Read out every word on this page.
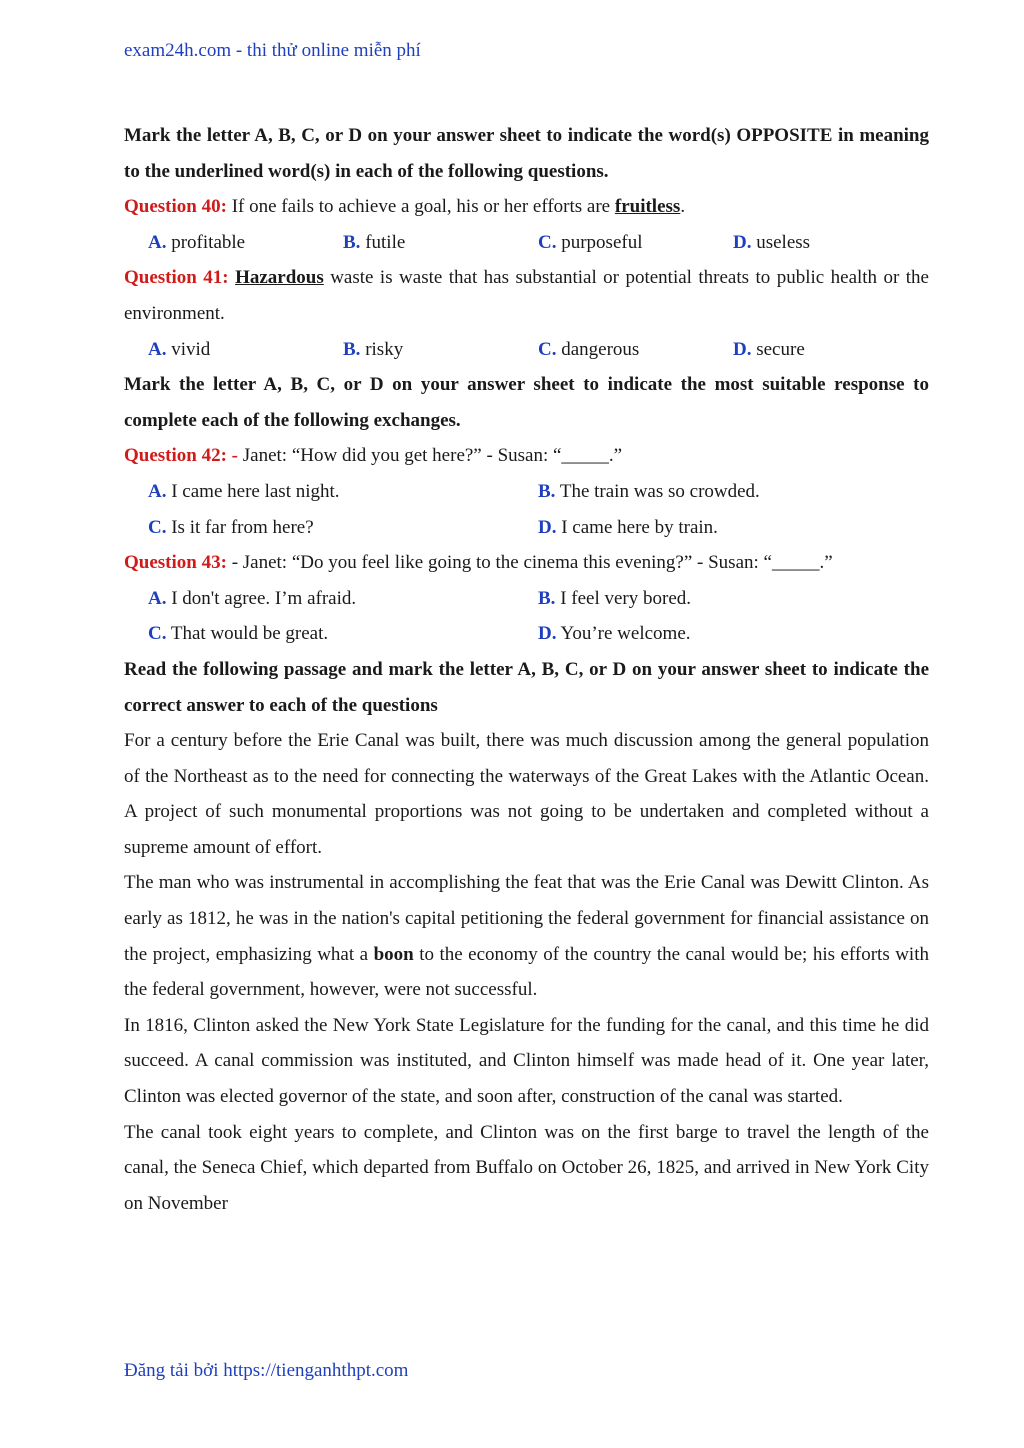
exam24h.com - thi thử online miễn phí

Mark the letter A, B, C, or D on your answer sheet to indicate the word(s) OPPOSITE in meaning to the underlined word(s) in each of the following questions.

Question 40: If one fails to achieve a goal, his or her efforts are fruitless.

A. profitable	B. futile	C. purposeful	D. useless

Question 41: Hazardous waste is waste that has substantial or potential threats to public health or the environment.

A. vivid	B. risky	C. dangerous	D. secure

Mark the letter A, B, C, or D on your answer sheet to indicate the most suitable response to complete each of the following exchanges.

Question 42: - Janet: “How did you get here?” - Susan: “_____.”

A. I came here last night.	B. The train was so crowded.
C. Is it far from here?	D. I came here by train.

Question 43: - Janet: “Do you feel like going to the cinema this evening?” - Susan: “_____.”

A. I don't agree. I’m afraid.	B. I feel very bored.
C. That would be great.	D. You’re welcome.

Read the following passage and mark the letter A, B, C, or D on your answer sheet to indicate the correct answer to each of the questions

For a century before the Erie Canal was built, there was much discussion among the general population of the Northeast as to the need for connecting the waterways of the Great Lakes with the Atlantic Ocean. A project of such monumental proportions was not going to be undertaken and completed without a supreme amount of effort.

The man who was instrumental in accomplishing the feat that was the Erie Canal was Dewitt Clinton. As early as 1812, he was in the nation's capital petitioning the federal government for financial assistance on the project, emphasizing what a boon to the economy of the country the canal would be; his efforts with the federal government, however, were not successful.

In 1816, Clinton asked the New York State Legislature for the funding for the canal, and this time he did succeed. A canal commission was instituted, and Clinton himself was made head of it. One year later, Clinton was elected governor of the state, and soon after, construction of the canal was started.

The canal took eight years to complete, and Clinton was on the first barge to travel the length of the canal, the Seneca Chief, which departed from Buffalo on October 26, 1825, and arrived in New York City on November

Đăng tải bởi https://tienganhthpt.com
